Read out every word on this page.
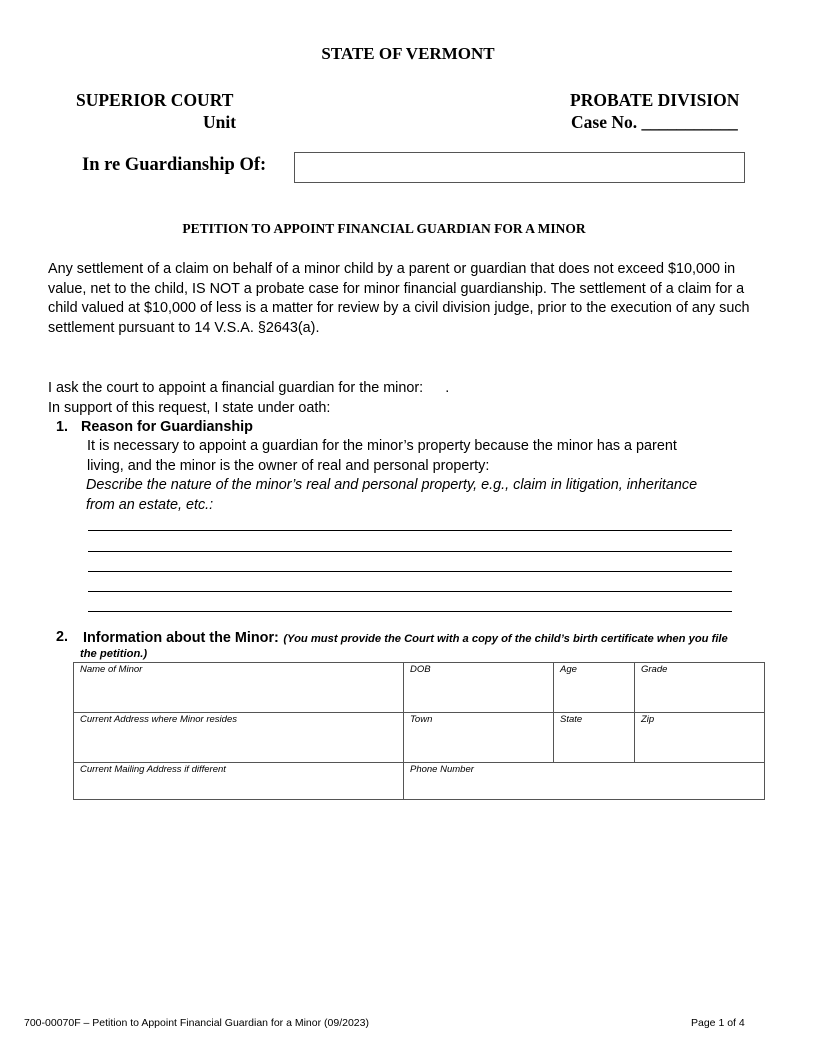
STATE OF VERMONT
SUPERIOR COURT
Unit
PROBATE DIVISION
Case No. ___________
In re Guardianship Of:
PETITION TO APPOINT FINANCIAL GUARDIAN FOR A MINOR
Any settlement of a claim on behalf of a minor child by a parent or guardian that does not exceed $10,000 in value, net to the child, IS NOT a probate case for minor financial guardianship. The settlement of a claim for a child valued at $10,000 of less is a matter for review by a civil division judge, prior to the execution of any such settlement pursuant to 14 V.S.A. §2643(a).
I ask the court to appoint a financial guardian for the minor: .
In support of this request, I state under oath:
1. Reason for Guardianship
It is necessary to appoint a guardian for the minor’s property because the minor has a parent
living, and the minor is the owner of real and personal property:
Describe the nature of the minor’s real and personal property, e.g., claim in litigation, inheritance
from an estate, etc.:
2. Information about the Minor: (You must provide the Court with a copy of the child’s birth certificate when you file
the petition.)
Name of Minor	DOB	Age	Grade
Current Address where Minor resides	Town	State	Zip
Current Mailing Address if different	Phone Number		
700-00070F – Petition to Appoint Financial Guardian for a Minor (09/2023)	Page 1 of 4
